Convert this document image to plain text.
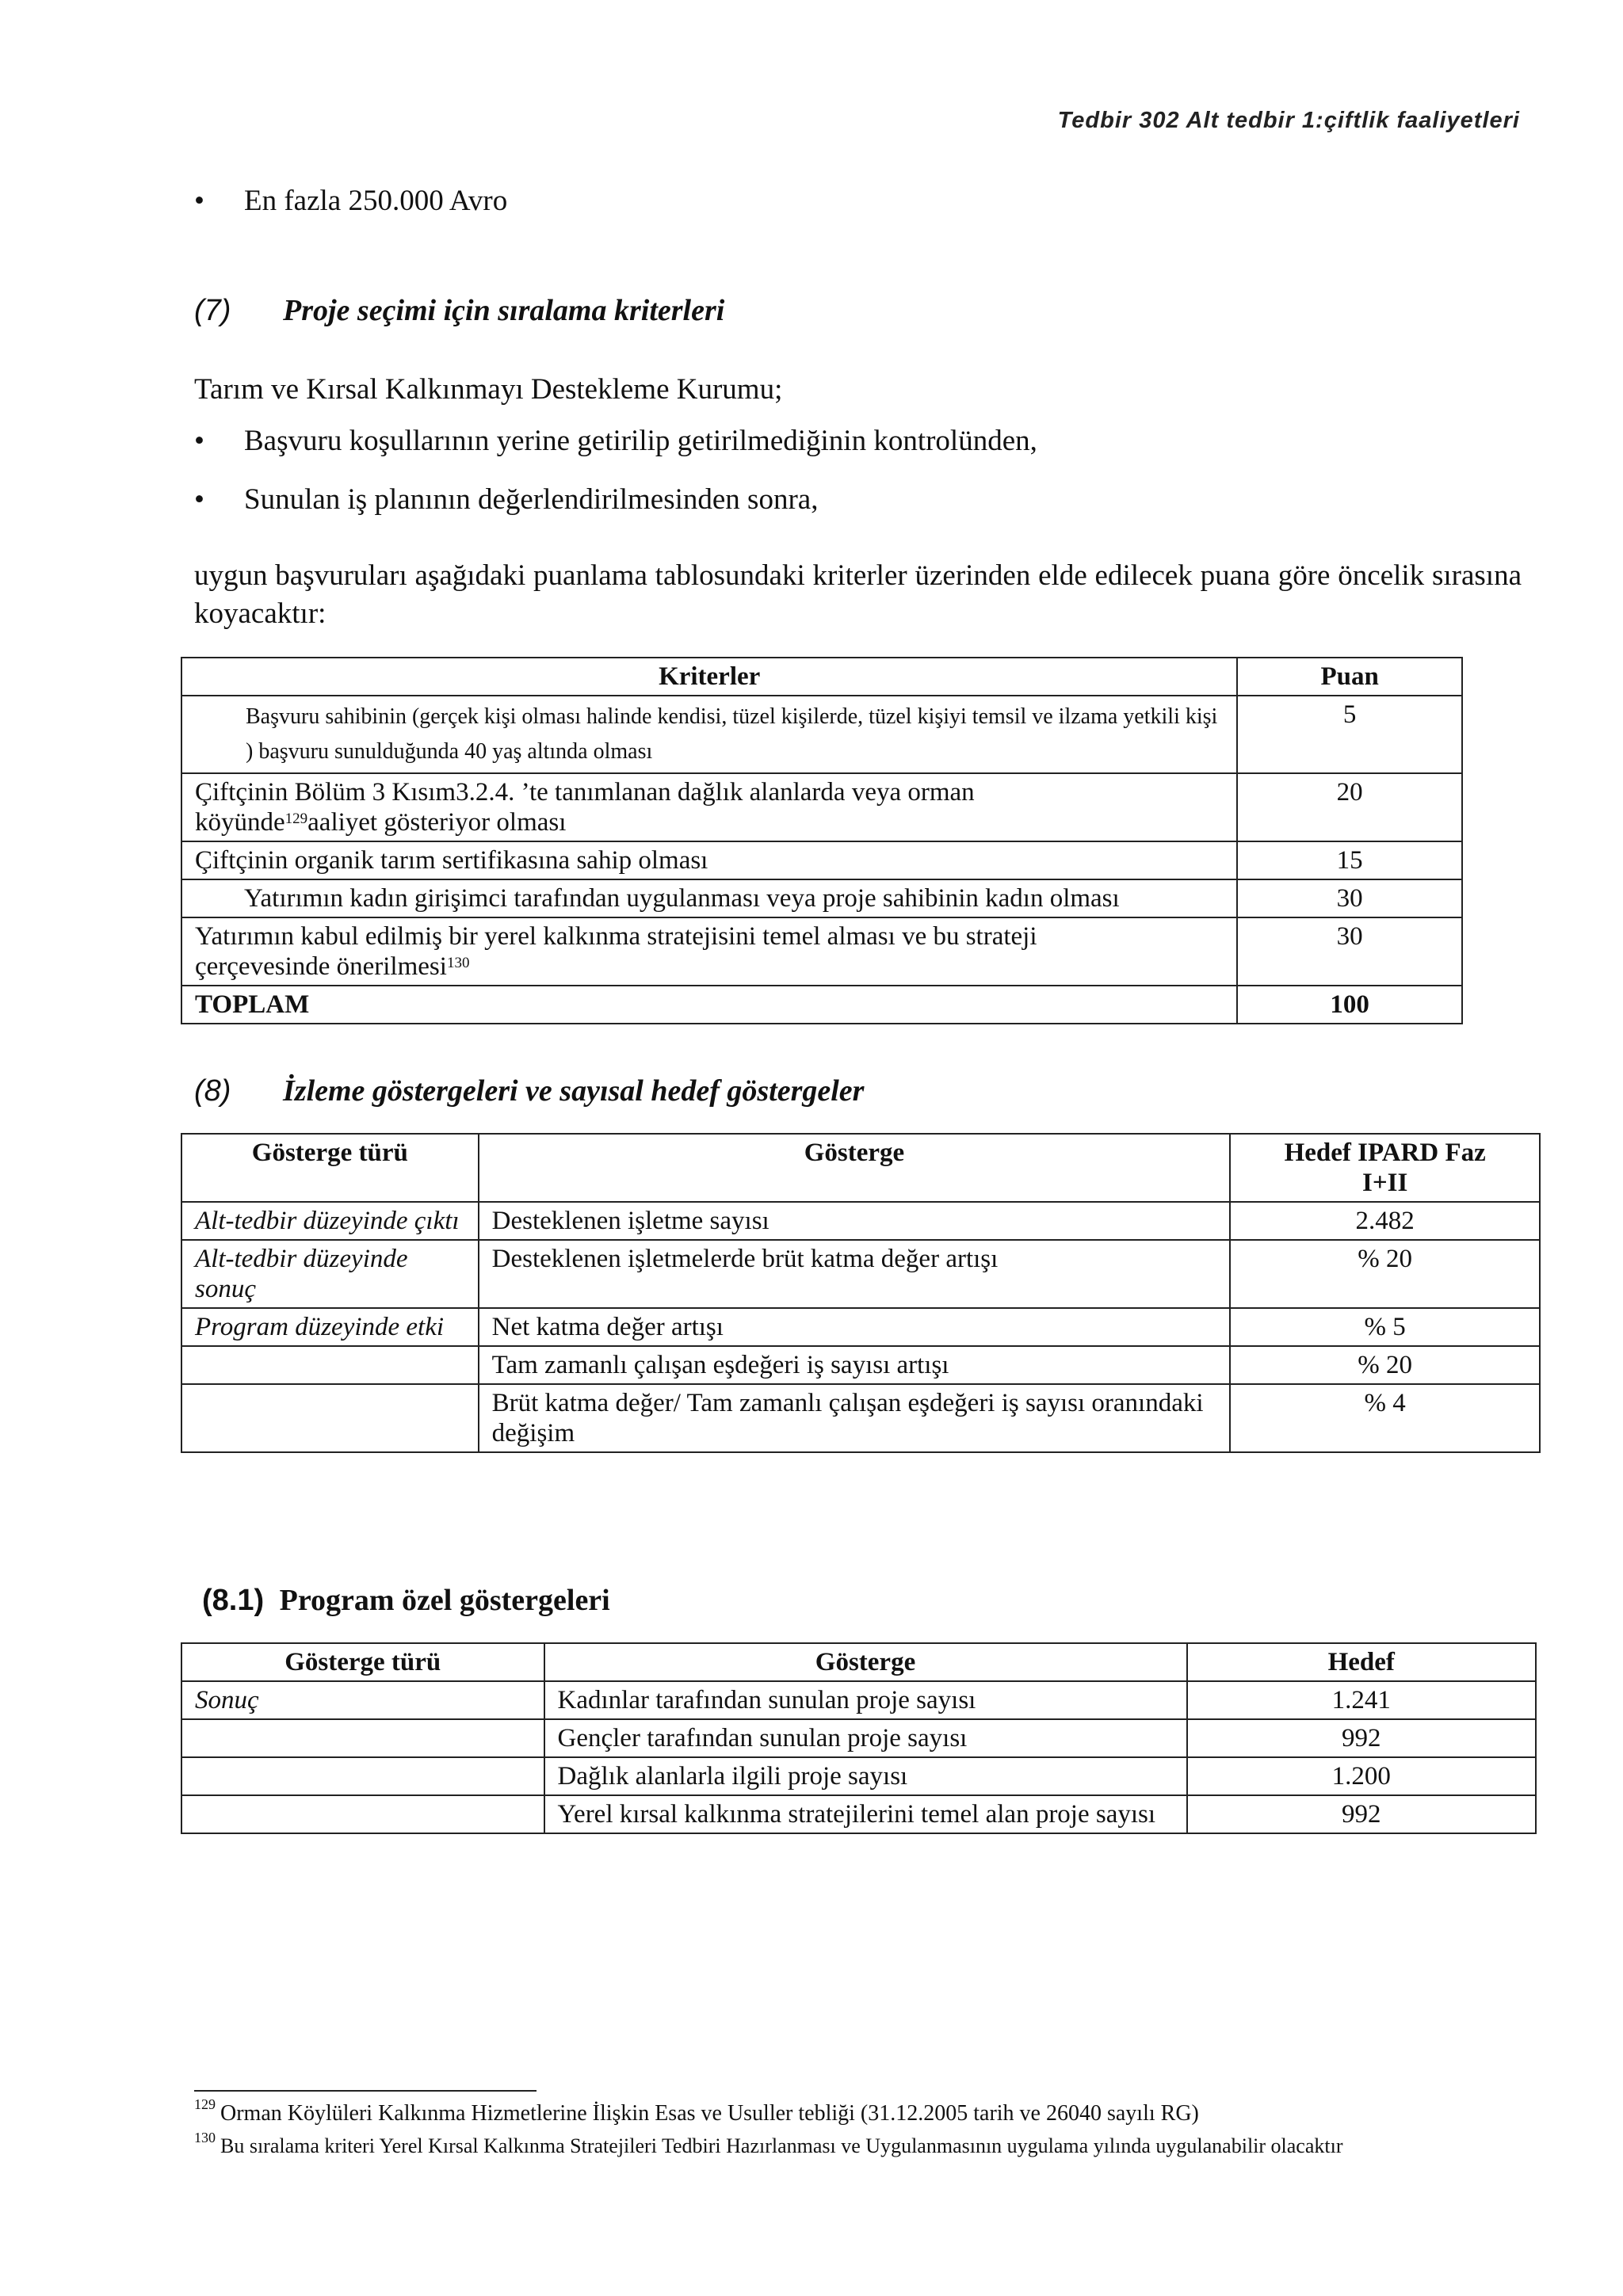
Tedbir 302 Alt tedbir 1:çiftlik faaliyetleri
• En fazla 250.000 Avro
(7) Proje seçimi için sıralama kriterleri
Tarım ve Kırsal Kalkınmayı Destekleme Kurumu;
• Başvuru koşullarının yerine getirilip getirilmediğinin kontrolünden,
• Sunulan iş planının değerlendirilmesinden sonra,
uygun başvuruları aşağıdaki puanlama tablosundaki kriterler üzerinden elde edilecek puana göre öncelik sırasına koyacaktır:
Kriterler	Puan
Başvuru sahibinin (gerçek kişi olması halinde kendisi, tüzel kişilerde, tüzel kişiyi temsil ve ilzama yetkili kişi ) başvuru sunulduğunda 40 yaş altında olması	5
Çiftçinin Bölüm 3 Kısım3.2.4. ’te tanımlanan dağlık alanlarda veya orman köyünde$^{129}$aaliyet gösteriyor olması	20
Çiftçinin organik tarım sertifikasına sahip olması	15
Yatırımın kadın girişimci tarafından uygulanması veya proje sahibinin kadın olması	30
Yatırımın kabul edilmiş bir yerel kalkınma stratejisini temel alması ve bu strateji çerçevesinde önerilmesi$^{130}$	30
TOPLAM	100
(8) İzleme göstergeleri ve sayısal hedef göstergeler
Gösterge türü	Gösterge	Hedef IPARD Faz I+II
Alt-tedbir düzeyinde çıktı	Desteklenen işletme sayısı	2.482
Alt-tedbir düzeyinde sonuç	Desteklenen işletmelerde brüt katma değer artışı	% 20
Program düzeyinde etki	Net katma değer artışı	% 5
	Tam zamanlı çalışan eşdeğeri iş sayısı artışı	% 20
	Brüt katma değer/ Tam zamanlı çalışan eşdeğeri iş sayısı oranındaki değişim	% 4
(8.1) Program özel göstergeleri
Gösterge türü	Gösterge	Hedef
Sonuç	Kadınlar tarafından sunulan proje sayısı	1.241
	Gençler tarafından sunulan proje sayısı	992
	Dağlık alanlarla ilgili proje sayısı	1.200
	Yerel kırsal kalkınma stratejilerini temel alan proje sayısı	992
$^{129}$ Orman Köylüleri Kalkınma Hizmetlerine İlişkin Esas ve Usuller tebliği (31.12.2005 tarih ve 26040 sayılı RG)
$^{130}$ Bu sıralama kriteri Yerel Kırsal Kalkınma Stratejileri Tedbiri Hazırlanması ve Uygulanmasının uygulama yılında uygulanabilir olacaktır
